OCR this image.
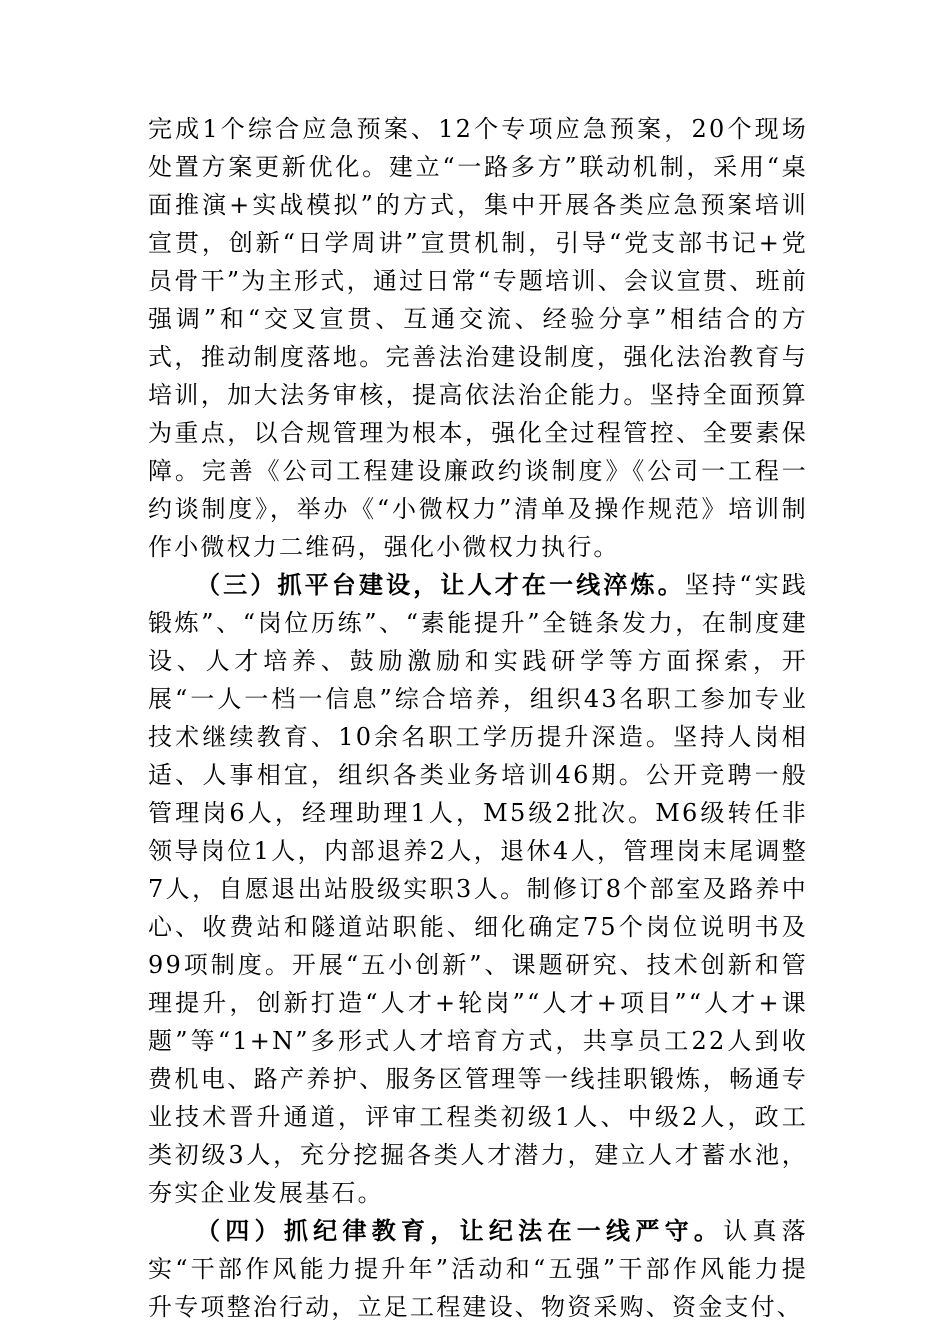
完成1个综合应急预案、12个专项应急预案，20个现场处置方案更新优化。建立“一路多方”联动机制，采用“桌面推演+实战模拟”的方式，集中开展各类应急预案培训宣贯，创新“日学周讲”宣贯机制，引导“党支部书记+党员骨干”为主形式，通过日常“专题培训、会议宣贯、班前强调”和“交叉宣贯、互通交流、经验分享”相结合的方式，推动制度落地。完善法治建设制度，强化法治教育与培训，加大法务审核，提高依法治企能力。坚持全面预算为重点，以合规管理为根本，强化全过程管控、全要素保障。完善《公司工程建设廉政约谈制度》《公司一工程一约谈制度》，举办《“小微权力”清单及操作规范》培训制作小微权力二维码，强化小微权力执行。

（三）抓平台建设，让人才在一线淬炼。坚持“实践锻炼”、“岗位历练”、“素能提升”全链条发力，在制度建设、人才培养、鼓励激励和实践研学等方面探索，开展“一人一档一信息”综合培养，组织43名职工参加专业技术继续教育、10余名职工学历提升深造。坚持人岗相适、人事相宜，组织各类业务培训46期。公开竞聘一般管理岗6人，经理助理1人，M5级2批次。M6级转任非领导岗位1人，内部退养2人，退休4人，管理岗末尾调整7人，自愿退出站股级实职3人。制修订8个部室及路养中心、收费站和隧道站职能、细化确定75个岗位说明书及99项制度。开展“五小创新”、课题研究、技术创新和管理提升，创新打造“人才+轮岗”“人才+项目”“人才+课题”等“1+N”多形式人才培育方式，共享员工22人到收费机电、路产养护、服务区管理等一线挂职锻炼，畅通专业技术晋升通道，评审工程类初级1人、中级2人，政工类初级3人，充分挖掘各类人才潜力，建立人才蓄水池，夯实企业发展基石。

（四）抓纪律教育，让纪法在一线严守。认真落实“干部作风能力提升年”活动和“五强”干部作风能力提升专项整治行动，立足工程建设、物资采购、资金支付、
